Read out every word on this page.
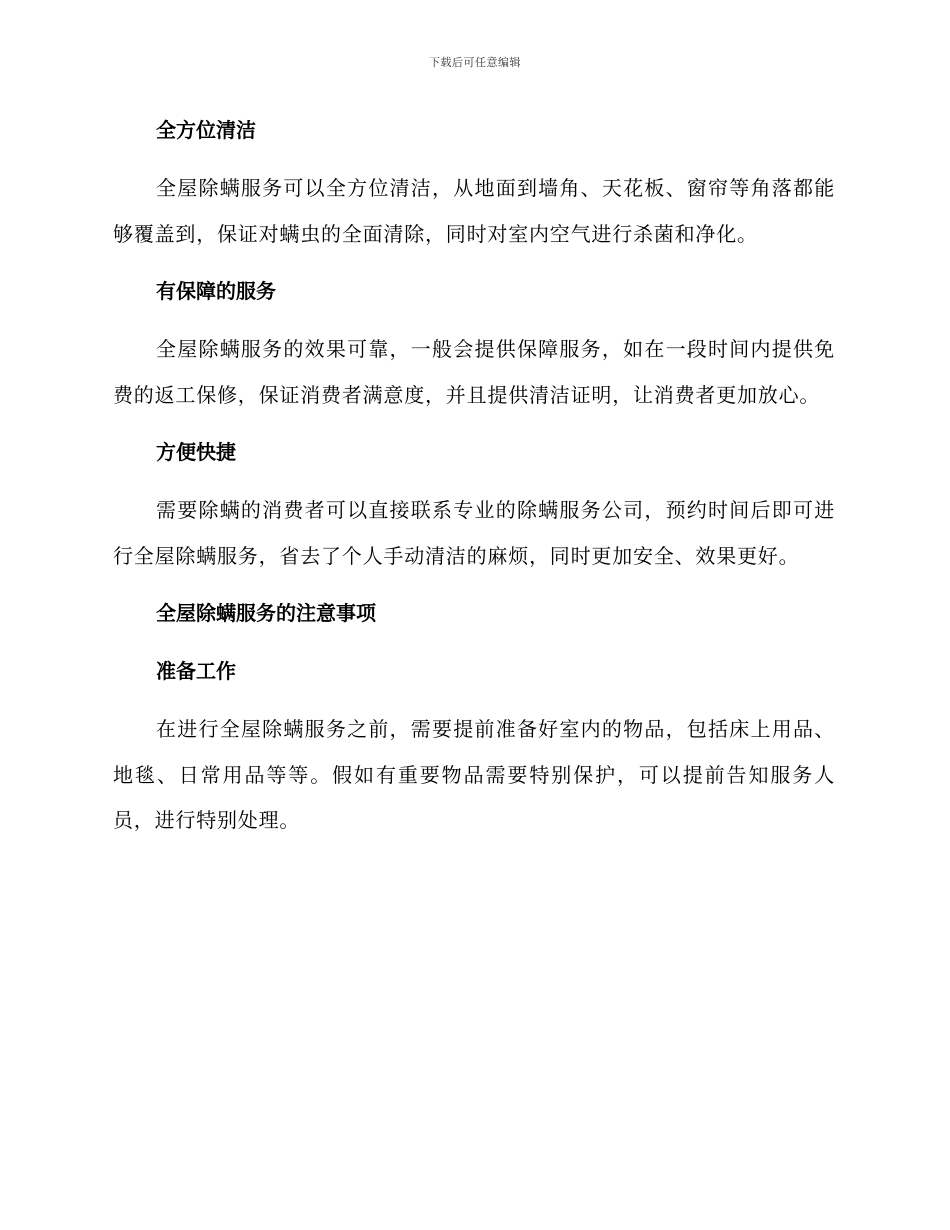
下载后可任意编辑
全方位清洁

全屋除螨服务可以全方位清洁，从地面到墙角、天花板、窗帘等角落都能够覆盖到，保证对螨虫的全面清除，同时对室内空气进行杀菌和净化。

有保障的服务

全屋除螨服务的效果可靠，一般会提供保障服务，如在一段时间内提供免费的返工保修，保证消费者满意度，并且提供清洁证明，让消费者更加放心。

方便快捷

需要除螨的消费者可以直接联系专业的除螨服务公司，预约时间后即可进行全屋除螨服务，省去了个人手动清洁的麻烦，同时更加安全、效果更好。

全屋除螨服务的注意事项
准备工作

在进行全屋除螨服务之前，需要提前准备好室内的物品，包括床上用品、地毯、日常用品等等。假如有重要物品需要特别保护，可以提前告知服务人员，进行特别处理。
